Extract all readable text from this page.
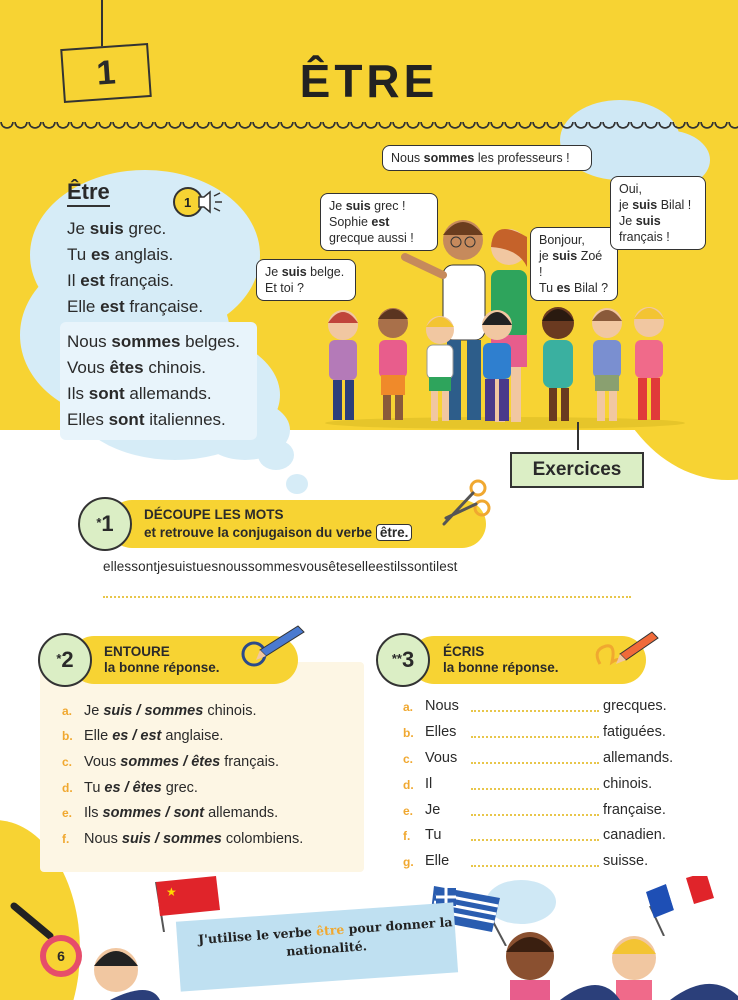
1	ÊTRE
Être	1
Je suis grec.
Tu es anglais.
Il est français.
Elle est française.
Nous sommes belges.
Vous êtes chinois.
Ils sont allemands.
Elles sont italiennes.
Nous sommes les professeurs !
Je suis belge.
Et toi ?
Je suis grec !
Sophie est
grecque aussi !	Bonjour,
je suis Zoé !
Tu es Bilal ?
Oui,
je suis Bilal !
Je suis
français !
Exercices
* 1 DÉCOUPE LES MOTS
et retrouve la conjugaison du verbe être.
ellessontjesuistuesnoussommesvousêteselleestilssontilest
* 2 ENTOURE
la bonne réponse.
a. Je suis / sommes chinois.
b. Elle es / est anglaise.
c. Vous sommes / êtes français.
d. Tu es / êtes grec.
e. Ils sommes / sont allemands.
f. Nous suis / sommes colombiens.
** 3 ÉCRIS
la bonne réponse.
a. Nous	grecques.
b. Elles	fatiguées.
c. Vous	allemands.
d. Il	chinois.
e. Je	française.
f. Tu	canadien.
g. Elle	suisse.
★
J'utilise le verbe être pour donner la nationalité.
6
